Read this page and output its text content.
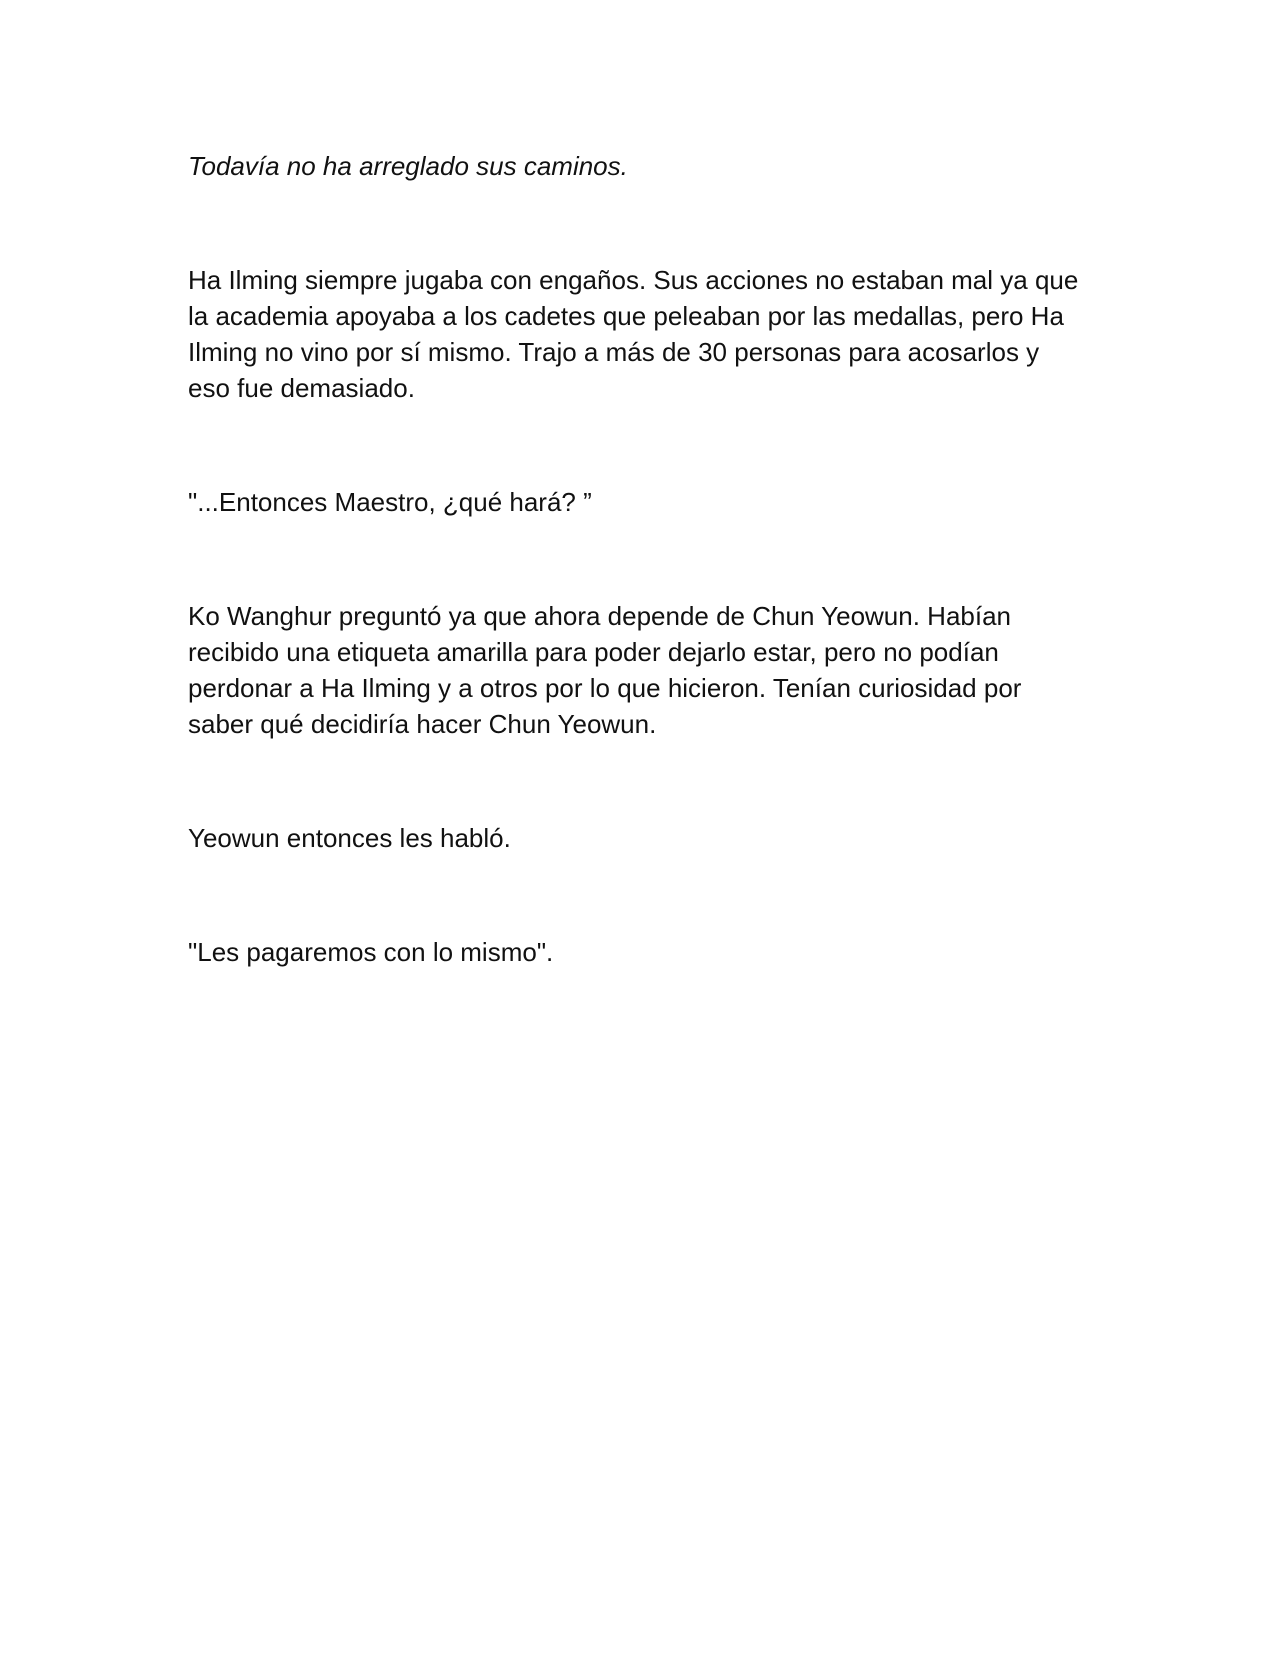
Todavía no ha arreglado sus caminos.

Ha Ilming siempre jugaba con engaños. Sus acciones no estaban mal ya que la academia apoyaba a los cadetes que peleaban por las medallas, pero Ha Ilming no vino por sí mismo. Trajo a más de 30 personas para acosarlos y eso fue demasiado.

"...Entonces Maestro, ¿qué hará? ”

Ko Wanghur preguntó ya que ahora depende de Chun Yeowun. Habían recibido una etiqueta amarilla para poder dejarlo estar, pero no podían perdonar a Ha Ilming y a otros por lo que hicieron. Tenían curiosidad por saber qué decidiría hacer Chun Yeowun.

Yeowun entonces les habló.

"Les pagaremos con lo mismo".
